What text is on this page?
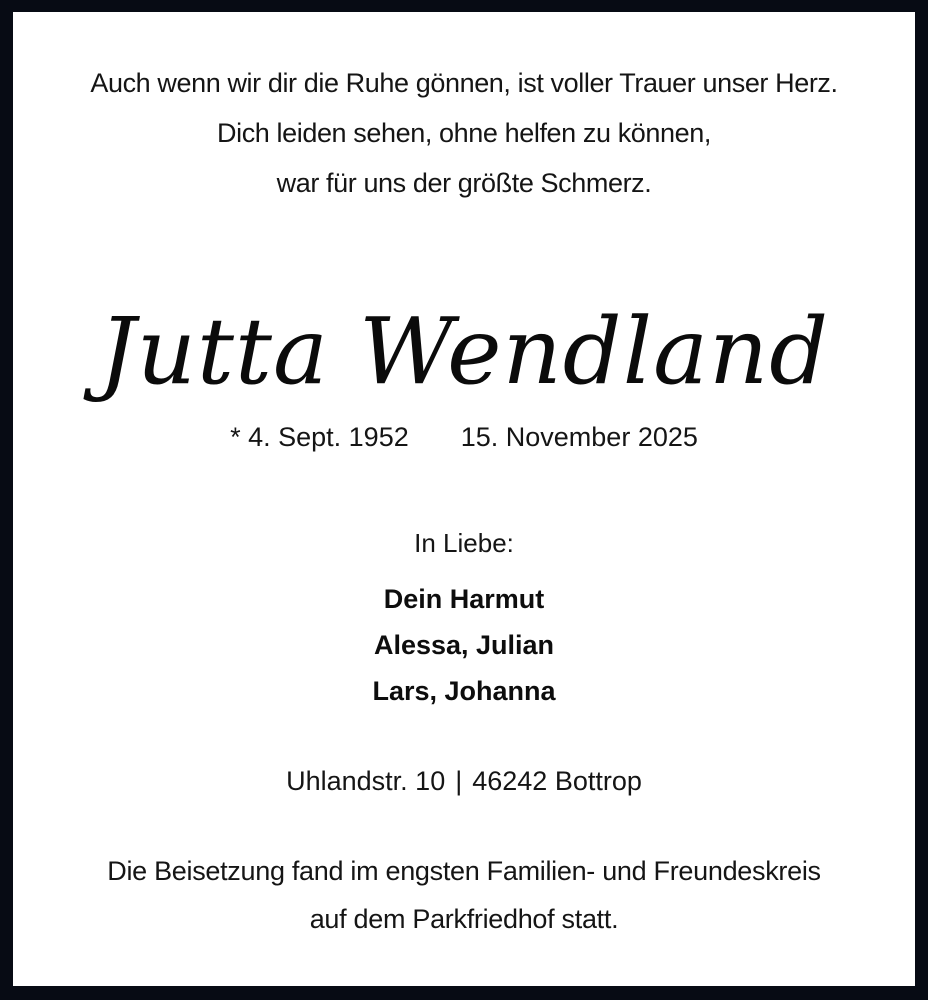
Auch wenn wir dir die Ruhe gönnen, ist voller Trauer unser Herz.
Dich leiden sehen, ohne helfen zu können,
war für uns der größte Schmerz.
Jutta Wendland
* 4. Sept. 1952 15. November 2025
In Liebe:
Dein Harmut
Alessa, Julian
Lars, Johanna
Uhlandstr. 10 | 46242 Bottrop
Die Beisetzung fand im engsten Familien- und Freundeskreis
auf dem Parkfriedhof statt.
